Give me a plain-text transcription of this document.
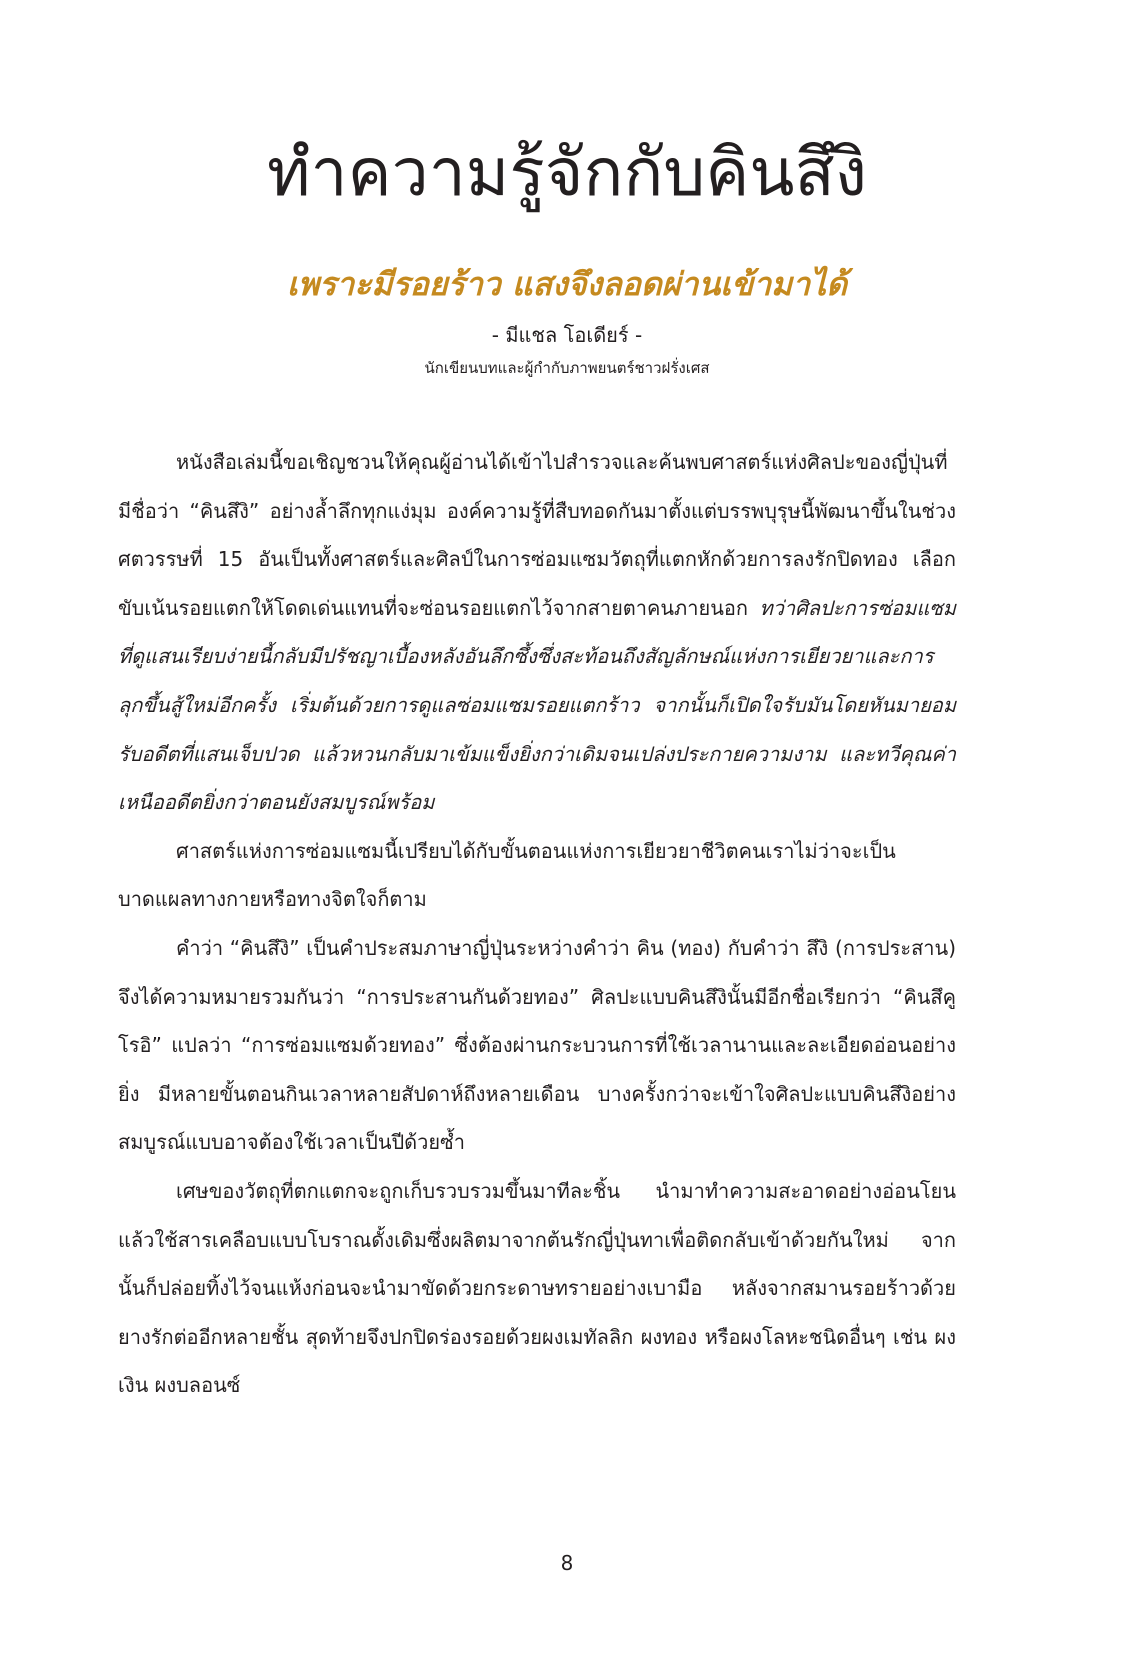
ทำความรู้จักกับคินสึงิ
เพราะมีรอยร้าว แสงจึงลอดผ่านเข้ามาได้
- มีแชล โอเดียร์ -
นักเขียนบทและผู้กำกับภาพยนตร์ชาวฝรั่งเศส

หนังสือเล่มนี้ขอเชิญชวนให้คุณผู้อ่านได้เข้าไปสำรวจและค้นพบศาสตร์แห่งศิลปะของญี่ปุ่นที่มีชื่อว่า “คินสึงิ” อย่างล้ำลึกทุกแง่มุม องค์ความรู้ที่สืบทอดกันมาตั้งแต่บรรพบุรุษนี้พัฒนาขึ้นในช่วงศตวรรษที่ 15 อันเป็นทั้งศาสตร์และศิลป์ในการซ่อมแซมวัตถุที่แตกหักด้วยการลงรักปิดทอง เลือกขับเน้นรอยแตกให้โดดเด่นแทนที่จะซ่อนรอยแตกไว้จากสายตาคนภายนอก ทว่าศิลปะการซ่อมแซมที่ดูแสนเรียบง่ายนี้กลับมีปรัชญาเบื้องหลังอันลึกซึ้งซึ่งสะท้อนถึงสัญลักษณ์แห่งการเยียวยาและการลุกขึ้นสู้ใหม่อีกครั้ง เริ่มต้นด้วยการดูแลซ่อมแซมรอยแตกร้าว จากนั้นก็เปิดใจรับมันโดยหันมายอมรับอดีตที่แสนเจ็บปวด แล้วหวนกลับมาเข้มแข็งยิ่งกว่าเดิมจนเปล่งประกายความงาม และทวีคุณค่าเหนืออดีตยิ่งกว่าตอนยังสมบูรณ์พร้อม

ศาสตร์แห่งการซ่อมแซมนี้เปรียบได้กับขั้นตอนแห่งการเยียวยาชีวิตคนเราไม่ว่าจะเป็นบาดแผลทางกายหรือทางจิตใจก็ตาม

คำว่า “คินสึงิ” เป็นคำประสมภาษาญี่ปุ่นระหว่างคำว่า คิน (ทอง) กับคำว่า สึงิ (การประสาน) จึงได้ความหมายรวมกันว่า “การประสานกันด้วยทอง” ศิลปะแบบคินสึงินั้นมีอีกชื่อเรียกว่า “คินสึคูโรอิ” แปลว่า “การซ่อมแซมด้วยทอง” ซึ่งต้องผ่านกระบวนการที่ใช้เวลานานและละเอียดอ่อนอย่างยิ่ง มีหลายขั้นตอนกินเวลาหลายสัปดาห์ถึงหลายเดือน บางครั้งกว่าจะเข้าใจศิลปะแบบคินสึงิอย่างสมบูรณ์แบบอาจต้องใช้เวลาเป็นปีด้วยซ้ำ

เศษของวัตถุที่ตกแตกจะถูกเก็บรวบรวมขึ้นมาทีละชิ้น นำมาทำความสะอาดอย่างอ่อนโยน แล้วใช้สารเคลือบแบบโบราณดั้งเดิมซึ่งผลิตมาจากต้นรักญี่ปุ่นทาเพื่อติดกลับเข้าด้วยกันใหม่ จากนั้นก็ปล่อยทิ้งไว้จนแห้งก่อนจะนำมาขัดด้วยกระดาษทรายอย่างเบามือ หลังจากสมานรอยร้าวด้วยยางรักต่ออีกหลายชั้น สุดท้ายจึงปกปิดร่องรอยด้วยผงเมทัลลิก ผงทอง หรือผงโลหะชนิดอื่นๆ เช่น ผงเงิน ผงบลอนซ์

8
